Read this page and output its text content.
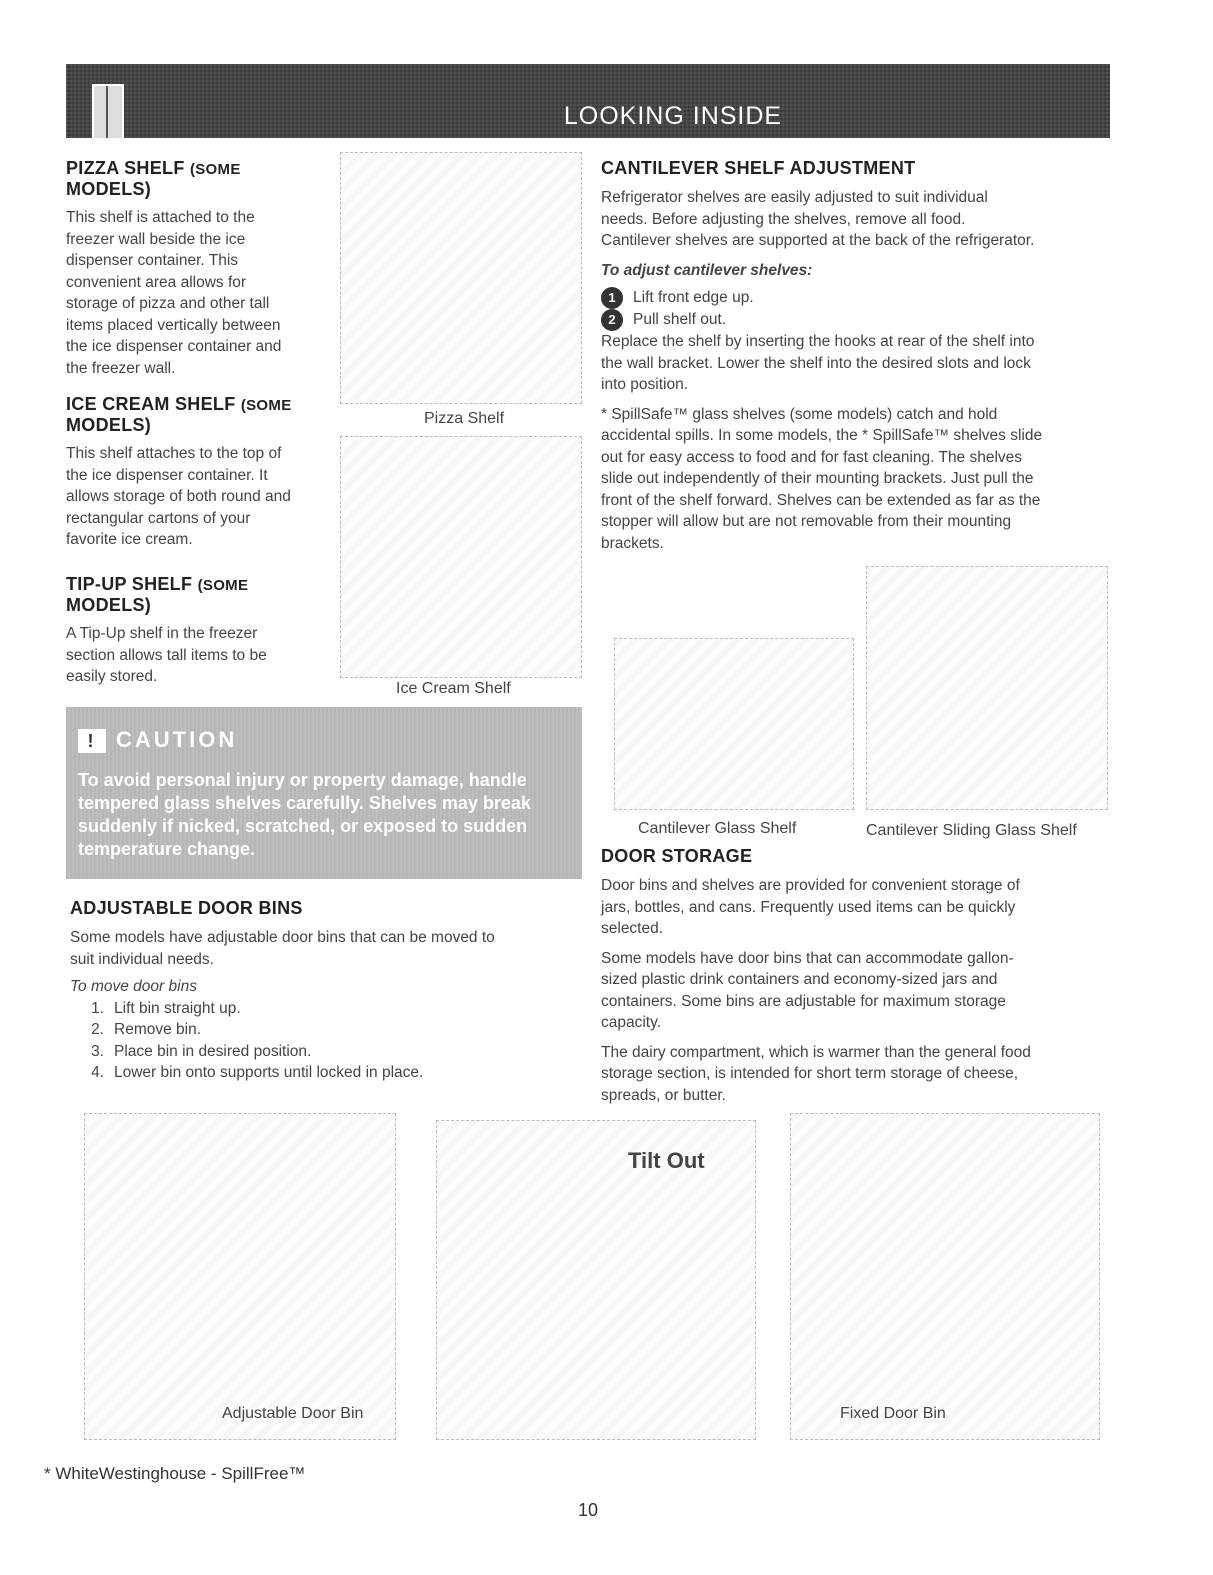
LOOKING INSIDE
PIZZA SHELF (SOME
MODELS)

This shelf is attached to the
freezer wall beside the ice
dispenser container. This
convenient area allows for
storage of pizza and other tall
items placed vertically between
the ice dispenser container and
the freezer wall.

Pizza Shelf
ICE CREAM SHELF (SOME
MODELS)

This shelf attaches to the top of
the ice dispenser container. It
allows storage of both round and
rectangular cartons of your
favorite ice cream.

Ice Cream Shelf
TIP-UP SHELF (SOME
MODELS)

A Tip-Up shelf in the freezer
section allows tall items to be
easily stored.

! CAUTION
To avoid personal injury or property damage, handle
tempered glass shelves carefully. Shelves may break
suddenly if nicked, scratched, or exposed to sudden
temperature change.
ADJUSTABLE DOOR BINS

Some models have adjustable door bins that can be moved to
suit individual needs.

To move door bins

1. Lift bin straight up.
2. Remove bin.
3. Place bin in desired position.
4. Lower bin onto supports until locked in place.
CANTILEVER SHELF ADJUSTMENT

Refrigerator shelves are easily adjusted to suit individual
needs. Before adjusting the shelves, remove all food.
Cantilever shelves are supported at the back of the refrigerator.

To adjust cantilever shelves:

1 Lift front edge up.
2 Pull shelf out.

Replace the shelf by inserting the hooks at rear of the shelf into
the wall bracket. Lower the shelf into the desired slots and lock
into position.

* SpillSafe™ glass shelves (some models) catch and hold
accidental spills. In some models, the * SpillSafe™ shelves slide
out for easy access to food and for fast cleaning. The shelves
slide out independently of their mounting brackets. Just pull the
front of the shelf forward. Shelves can be extended as far as the
stopper will allow but are not removable from their mounting
brackets.

Cantilever Glass Shelf	Cantilever Sliding Glass Shelf
DOOR STORAGE

Door bins and shelves are provided for convenient storage of
jars, bottles, and cans. Frequently used items can be quickly
selected.

Some models have door bins that can accommodate gallon-
sized plastic drink containers and economy-sized jars and
containers. Some bins are adjustable for maximum storage
capacity.

The dairy compartment, which is warmer than the general food
storage section, is intended for short term storage of cheese,
spreads, or butter.

Adjustable Door Bin
Tilt Out
Fixed Door Bin
* WhiteWestinghouse - SpillFree™
10
